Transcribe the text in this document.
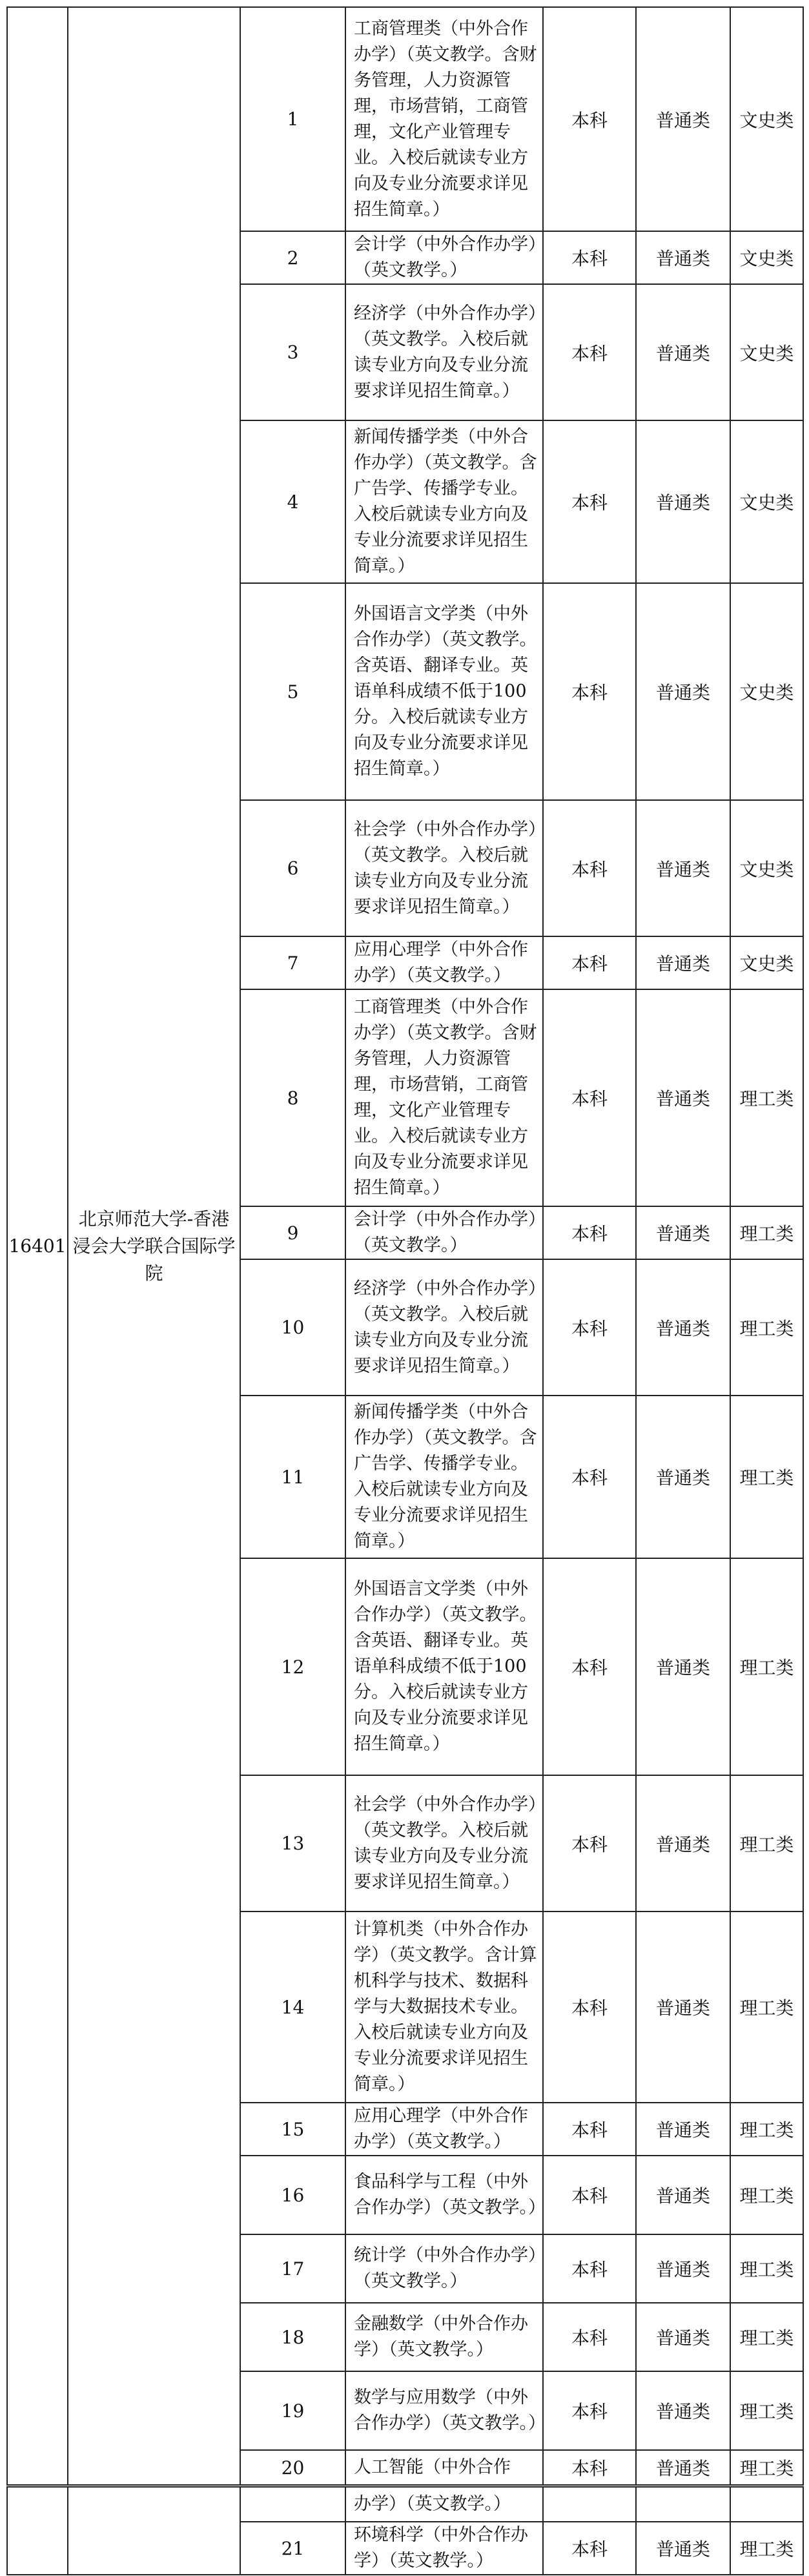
16401	北京师范大学-香港浸会大学联合国际学院	1	工商管理类（中外合作办学）（英文教学。含财务管理，人力资源管理，市场营销，工商管理，文化产业管理专业。入校后就读专业方向及专业分流要求详见招生简章。）	本科	普通类	文史类
		2	会计学（中外合作办学）（英文教学。）	本科	普通类	文史类
		3	经济学（中外合作办学）（英文教学。入校后就读专业方向及专业分流要求详见招生简章。）	本科	普通类	文史类
		4	新闻传播学类（中外合作办学）（英文教学。含广告学、传播学专业。入校后就读专业方向及专业分流要求详见招生简章。）	本科	普通类	文史类
		5	外国语言文学类（中外合作办学）（英文教学。含英语、翻译专业。英语单科成绩不低于100分。入校后就读专业方向及专业分流要求详见招生简章。）	本科	普通类	文史类
		6	社会学（中外合作办学）（英文教学。入校后就读专业方向及专业分流要求详见招生简章。）	本科	普通类	文史类
		7	应用心理学（中外合作办学）（英文教学。）	本科	普通类	文史类
		8	工商管理类（中外合作办学）（英文教学。含财务管理，人力资源管理，市场营销，工商管理，文化产业管理专业。入校后就读专业方向及专业分流要求详见招生简章。）	本科	普通类	理工类
		9	会计学（中外合作办学）（英文教学。）	本科	普通类	理工类
		10	经济学（中外合作办学）（英文教学。入校后就读专业方向及专业分流要求详见招生简章。）	本科	普通类	理工类
		11	新闻传播学类（中外合作办学）（英文教学。含广告学、传播学专业。入校后就读专业方向及专业分流要求详见招生简章。）	本科	普通类	理工类
		12	外国语言文学类（中外合作办学）（英文教学。含英语、翻译专业。英语单科成绩不低于100分。入校后就读专业方向及专业分流要求详见招生简章。）	本科	普通类	理工类
		13	社会学（中外合作办学）（英文教学。入校后就读专业方向及专业分流要求详见招生简章。）	本科	普通类	理工类
		14	计算机类（中外合作办学）（英文教学。含计算机科学与技术、数据科学与大数据技术专业。入校后就读专业方向及专业分流要求详见招生简章。）	本科	普通类	理工类
		15	应用心理学（中外合作办学）（英文教学。）	本科	普通类	理工类
		16	食品科学与工程（中外合作办学）（英文教学。）	本科	普通类	理工类
		17	统计学（中外合作办学）（英文教学。）	本科	普通类	理工类
		18	金融数学（中外合作办学）（英文教学。）	本科	普通类	理工类
		19	数学与应用数学（中外合作办学）（英文教学。）	本科	普通类	理工类
		20	人工智能（中外合作	本科	普通类	理工类
			办学）（英文教学。）			
		21	环境科学（中外合作办学）（英文教学。）	本科	普通类	理工类
